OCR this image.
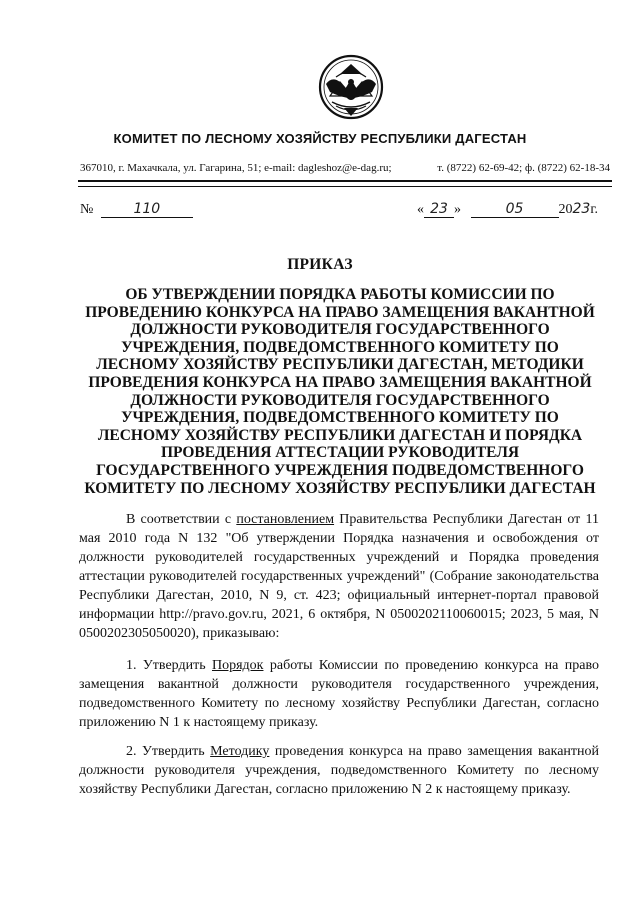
КОМИТЕТ ПО ЛЕСНОМУ ХОЗЯЙСТВУ РЕСПУБЛИКИ ДАГЕСТАН
367010, г. Махачкала, ул. Гагарина, 51; e-mail: dagleshoz@e-dag.ru;	т. (8722) 62-69-42; ф. (8722) 62-18-34
№	110	« 23 »	05	2023г.
ПРИКАЗ
ОБ УТВЕРЖДЕНИИ ПОРЯДКА РАБОТЫ КОМИССИИ ПО
ПРОВЕДЕНИЮ КОНКУРСА НА ПРАВО ЗАМЕЩЕНИЯ ВАКАНТНОЙ
ДОЛЖНОСТИ РУКОВОДИТЕЛЯ ГОСУДАРСТВЕННОГО
УЧРЕЖДЕНИЯ, ПОДВЕДОМСТВЕННОГО КОМИТЕТУ ПО
ЛЕСНОМУ ХОЗЯЙСТВУ РЕСПУБЛИКИ ДАГЕСТАН, МЕТОДИКИ
ПРОВЕДЕНИЯ КОНКУРСА НА ПРАВО ЗАМЕЩЕНИЯ ВАКАНТНОЙ
ДОЛЖНОСТИ РУКОВОДИТЕЛЯ ГОСУДАРСТВЕННОГО
УЧРЕЖДЕНИЯ, ПОДВЕДОМСТВЕННОГО КОМИТЕТУ ПО
ЛЕСНОМУ ХОЗЯЙСТВУ РЕСПУБЛИКИ ДАГЕСТАН И ПОРЯДКА
ПРОВЕДЕНИЯ АТТЕСТАЦИИ РУКОВОДИТЕЛЯ
ГОСУДАРСТВЕННОГО УЧРЕЖДЕНИЯ ПОДВЕДОМСТВЕННОГО
КОМИТЕТУ ПО ЛЕСНОМУ ХОЗЯЙСТВУ РЕСПУБЛИКИ ДАГЕСТАН

В соответствии с постановлением Правительства Республики Дагестан от 11 мая 2010 года N 132 "Об утверждении Порядка назначения и освобождения от должности руководителей государственных учреждений и Порядка проведения аттестации руководителей государственных учреждений" (Собрание законодательства Республики Дагестан, 2010, N 9, ст. 423; официальный интернет-портал правовой информации http://pravo.gov.ru, 2021, 6 октября, N 0500202110060015; 2023, 5 мая, N 0500202305050020), приказываю:

1. Утвердить Порядок работы Комиссии по проведению конкурса на право замещения вакантной должности руководителя государственного учреждения, подведомственного Комитету по лесному хозяйству Республики Дагестан, согласно приложению N 1 к настоящему приказу.

2. Утвердить Методику проведения конкурса на право замещения вакантной должности руководителя учреждения, подведомственного Комитету по лесному хозяйству Республики Дагестан, согласно приложению N 2 к настоящему приказу.
